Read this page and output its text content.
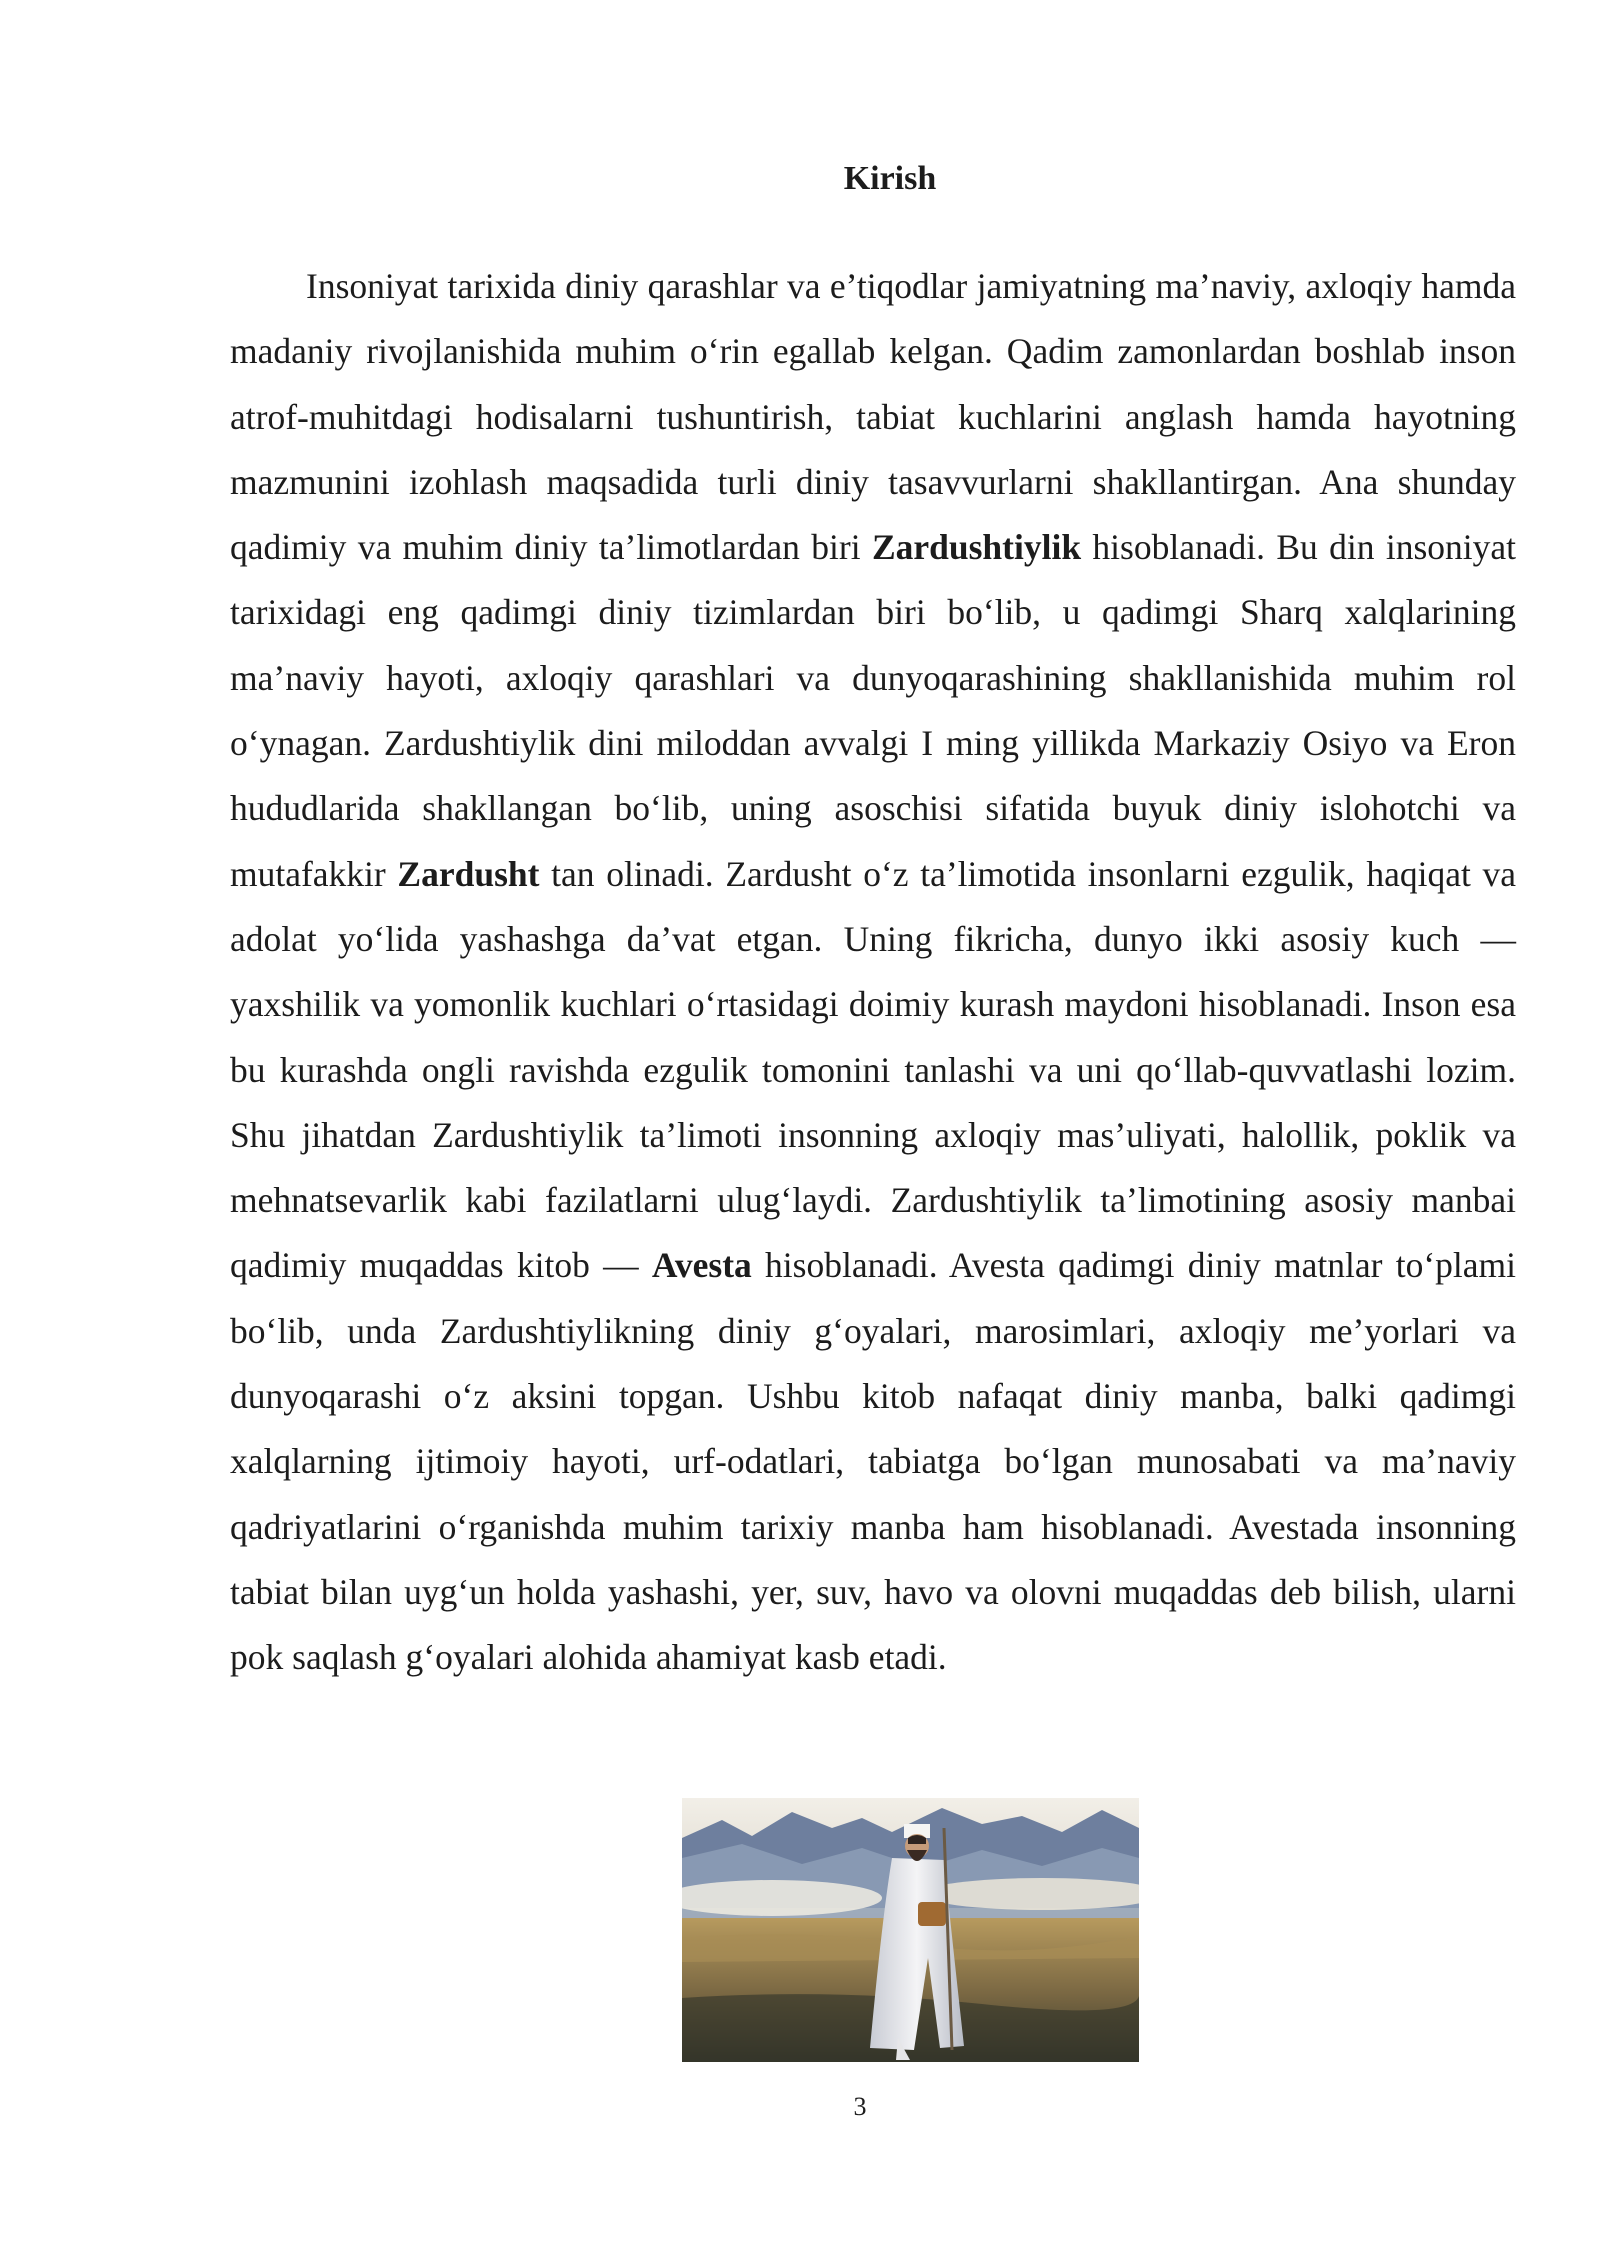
Kirish

Insoniyat tarixida diniy qarashlar va e’tiqodlar jamiyatning ma’naviy, axloqiy hamda madaniy rivojlanishida muhim o‘rin egallab kelgan. Qadim zamonlardan boshlab inson atrof-muhitdagi hodisalarni tushuntirish, tabiat kuchlarini anglash hamda hayotning mazmunini izohlash maqsadida turli diniy tasavvurlarni shakllantirgan. Ana shunday qadimiy va muhim diniy ta’limotlardan biri Zardushtiylik hisoblanadi. Bu din insoniyat tarixidagi eng qadimgi diniy tizimlardan biri bo‘lib, u qadimgi Sharq xalqlarining ma’naviy hayoti, axloqiy qarashlari va dunyoqarashining shakllanishida muhim rol o‘ynagan. Zardushtiylik dini miloddan avvalgi I ming yillikda Markaziy Osiyo va Eron hududlarida shakllangan bo‘lib, uning asoschisi sifatida buyuk diniy islohotchi va mutafakkir Zardusht tan olinadi. Zardusht o‘z ta’limotida insonlarni ezgulik, haqiqat va adolat yo‘lida yashashga da’vat etgan. Uning fikricha, dunyo ikki asosiy kuch — yaxshilik va yomonlik kuchlari o‘rtasidagi doimiy kurash maydoni hisoblanadi. Inson esa bu kurashda ongli ravishda ezgulik tomonini tanlashi va uni qo‘llab-quvvatlashi lozim. Shu jihatdan Zardushtiylik ta’limoti insonning axloqiy mas’uliyati, halollik, poklik va mehnatsevarlik kabi fazilatlarni ulug‘laydi. Zardushtiylik ta’limotining asosiy manbai qadimiy muqaddas kitob — Avesta hisoblanadi. Avesta qadimgi diniy matnlar to‘plami bo‘lib, unda Zardushtiylikning diniy g‘oyalari, marosimlari, axloqiy me’yorlari va dunyoqarashi o‘z aksini topgan. Ushbu kitob nafaqat diniy manba, balki qadimgi xalqlarning ijtimoiy hayoti, urf-odatlari, tabiatga bo‘lgan munosabati va ma’naviy qadriyatlarini o‘rganishda muhim tarixiy manba ham hisoblanadi. Avestada insonning tabiat bilan uyg‘un holda yashashi, yer, suv, havo va olovni muqaddas deb bilish, ularni pok saqlash g‘oyalari alohida ahamiyat kasb etadi.

3
